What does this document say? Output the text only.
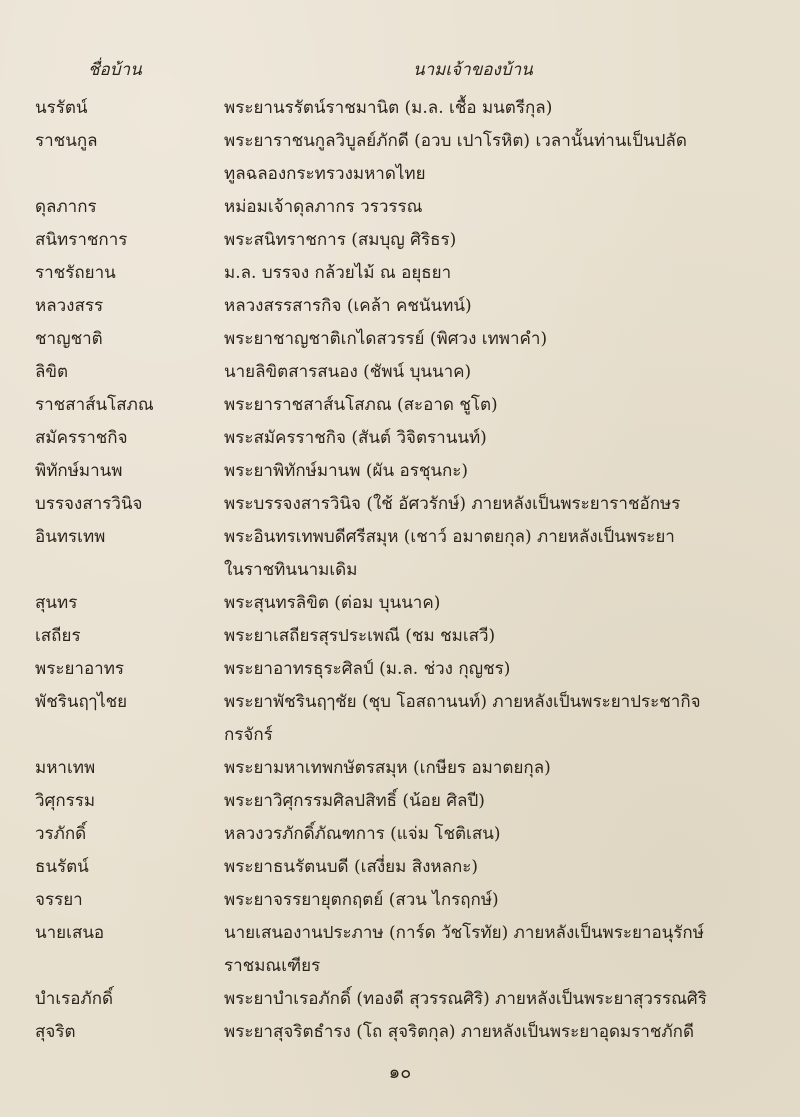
ชื่อบ้าน	นามเจ้าของบ้าน
นรรัตน์	พระยานรรัตน์ราชมานิต (ม.ล. เชื้อ มนตรีกุล)
ราชนกูล	พระยาราชนกูลวิบูลย์ภักดี (อวบ เปาโรหิต) เวลานั้นท่านเป็นปลัด
ทูลฉลองกระทรวงมหาดไทย
ดุลภากร	หม่อมเจ้าดุลภากร วรวรรณ
สนิทราชการ	พระสนิทราชการ (สมบุญ ศิริธร)
ราชรัถยาน	ม.ล. บรรจง กล้วยไม้ ณ อยุธยา
หลวงสรร	หลวงสรรสารกิจ (เคล้า คชนันทน์)
ชาญชาติ	พระยาชาญชาติเกไดสวรรย์ (พิศวง เทพาคำ)
ลิขิต	นายลิขิตสารสนอง (ชัพน์ บุนนาค)
ราชสาส์นโสภณ	พระยาราชสาส์นโสภณ (สะอาด ชูโต)
สมัครราชกิจ	พระสมัครราชกิจ (สันต์ วิจิตรานนท์)
พิทักษ์มานพ	พระยาพิทักษ์มานพ (ผัน อรชุนกะ)
บรรจงสารวินิจ	พระบรรจงสารวินิจ (ใช้ อัศวรักษ์) ภายหลังเป็นพระยาราชอักษร
อินทรเทพ	พระอินทรเทพบดีศรีสมุห (เชาว์ อมาตยกุล) ภายหลังเป็นพระยา
ในราชทินนามเดิม
สุนทร	พระสุนทรลิขิต (ต่อม บุนนาค)
เสถียร	พระยาเสถียรสุรประเพณี (ชม ชมเสวี)
พระยาอาทร	พระยาอาทรธุระศิลป์ (ม.ล. ช่วง กุญชร)
พัชรินฤๅไชย	พระยาพัชรินฤๅชัย (ชุบ โอสถานนท์) ภายหลังเป็นพระยาประชากิจ
กรจักร์
มหาเทพ	พระยามหาเทพกษัตรสมุห (เกษียร อมาตยกุล)
วิศุกรรม	พระยาวิศุกรรมศิลปสิทธิ์ (น้อย ศิลปี)
วรภักดิ์	หลวงวรภักดิ์ภัณฑการ (แจ่ม โชติเสน)
ธนรัตน์	พระยาธนรัตนบดี (เสงี่ยม สิงหลกะ)
จรรยา	พระยาจรรยายุตกฤตย์ (สวน ไกรฤกษ์)
นายเสนอ	นายเสนองานประภาษ (การ์ด วัชโรทัย) ภายหลังเป็นพระยาอนุรักษ์
ราชมณเฑียร
บำเรอภักดิ์	พระยาบำเรอภักดิ์ (ทองดี สุวรรณศิริ) ภายหลังเป็นพระยาสุวรรณศิริ
สุจริต	พระยาสุจริตธำรง (โถ สุจริตกุล) ภายหลังเป็นพระยาอุดมราชภักดี
๑๐
